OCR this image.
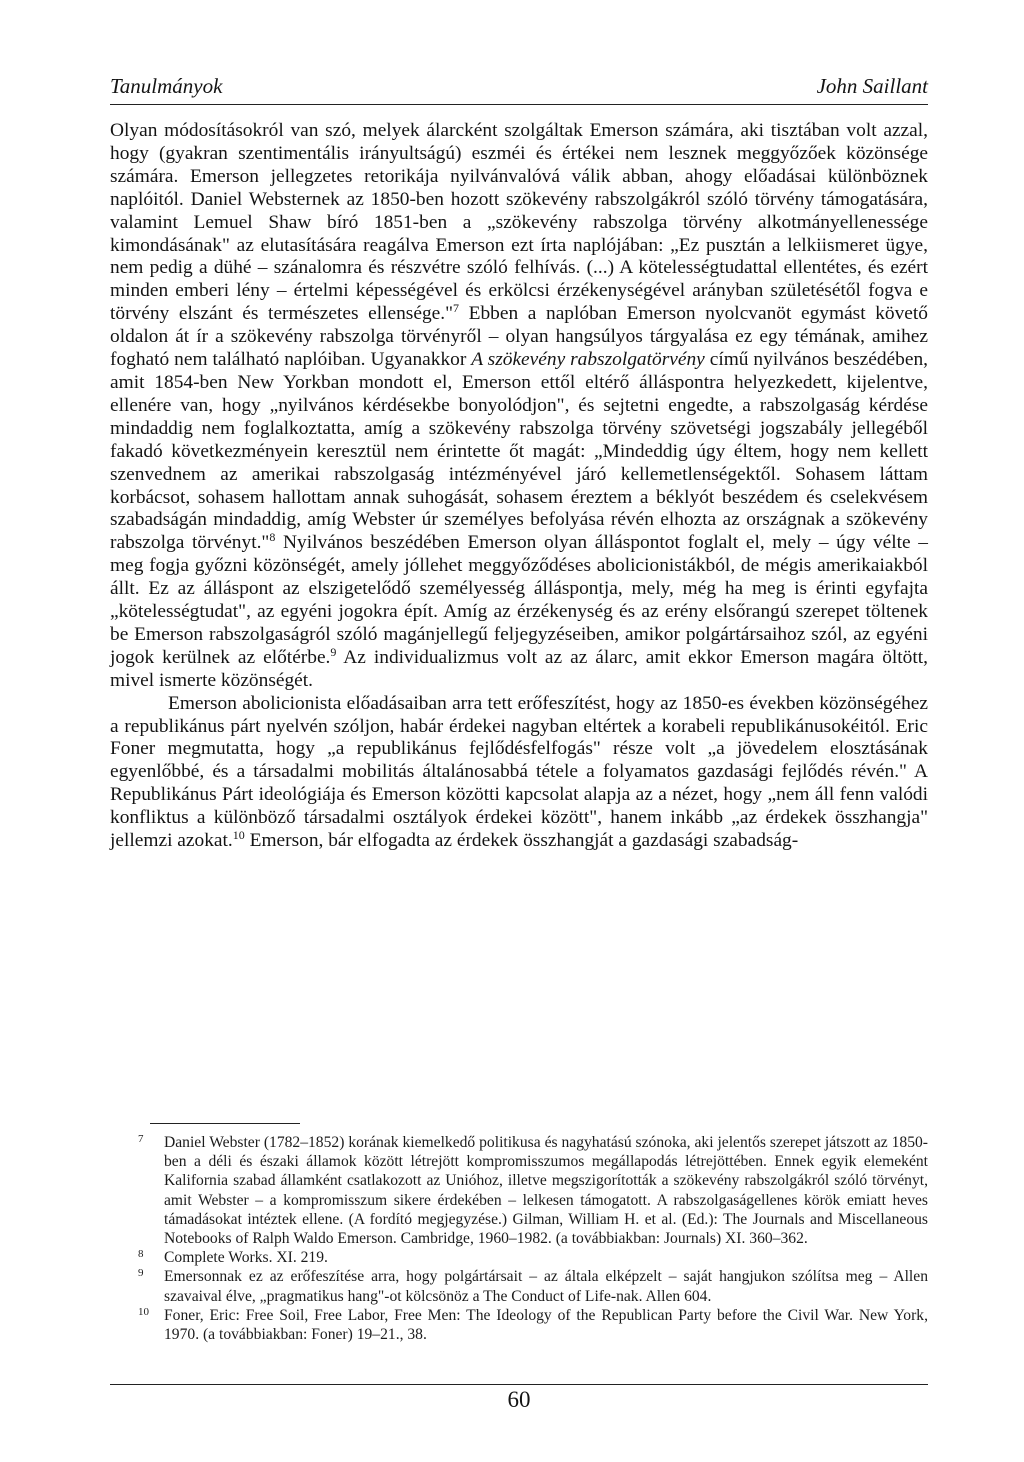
Tanulmányok	John Saillant

Olyan módosításokról van szó, melyek álarcként szolgáltak Emerson számára, aki tisztában volt azzal, hogy (gyakran szentimentális irányultságú) eszméi és értékei nem lesznek meggyőzőek közönsége számára. Emerson jellegzetes retorikája nyilvánvalóvá válik abban, ahogy előadásai különböznek naplóitól. Daniel Websternek az 1850-ben hozott szökevény rabszolgákról szóló törvény támogatására, valamint Lemuel Shaw bíró 1851-ben a „szökevény rabszolga törvény alkotmányellenessége kimondásának" az elutasítására reagálva Emerson ezt írta naplójában: „Ez pusztán a lelkiismeret ügye, nem pedig a dühé – szánalomra és részvétre szóló felhívás. (...) A kötelességtudattal ellentétes, és ezért minden emberi lény – értelmi képességével és erkölcsi érzékenységével arányban születésétől fogva e törvény elszánt és természetes ellensége."$^7$ Ebben a naplóban Emerson nyolcvanöt egymást követő oldalon át ír a szökevény rabszolga törvényről – olyan hangsúlyos tárgyalása ez egy témának, amihez fogható nem található naplóiban. Ugyanakkor A szökevény rabszolgatörvény című nyilvános beszédében, amit 1854-ben New Yorkban mondott el, Emerson ettől eltérő álláspontra helyezkedett, kijelentve, ellenére van, hogy „nyilvános kérdésekbe bonyolódjon", és sejtetni engedte, a rabszolgaság kérdése mindaddig nem foglalkoztatta, amíg a szökevény rabszolga törvény szövetségi jogszabály jellegéből fakadó következményein keresztül nem érintette őt magát: „Mindeddig úgy éltem, hogy nem kellett szenvednem az amerikai rabszolgaság intézményével járó kellemetlenségektől. Sohasem láttam korbácsot, sohasem hallottam annak suhogását, sohasem éreztem a béklyót beszédem és cselekvésem szabadságán mindaddig, amíg Webster úr személyes befolyása révén elhozta az országnak a szökevény rabszolga törvényt."$^8$ Nyilvános beszédében Emerson olyan álláspontot foglalt el, mely – úgy vélte – meg fogja győzni közönségét, amely jóllehet meggyőződéses abolicionistákból, de mégis amerikaiakból állt. Ez az álláspont az elszigetelődő személyesség álláspontja, mely, még ha meg is érinti egyfajta „kötelességtudat", az egyéni jogokra épít. Amíg az érzékenység és az erény elsőrangú szerepet töltenek be Emerson rabszolgaságról szóló magánjellegű feljegyzéseiben, amikor polgártársaihoz szól, az egyéni jogok kerülnek az előtérbe.$^9$ Az individualizmus volt az az álarc, amit ekkor Emerson magára öltött, mivel ismerte közönségét.

Emerson abolicionista előadásaiban arra tett erőfeszítést, hogy az 1850-es években közönségéhez a republikánus párt nyelvén szóljon, habár érdekei nagyban eltértek a korabeli republikánusokéitól. Eric Foner megmutatta, hogy „a republikánus fejlődésfelfogás" része volt „a jövedelem elosztásának egyenlőbbé, és a társadalmi mobilitás általánosabbá tétele a folyamatos gazdasági fejlődés révén." A Republikánus Párt ideológiája és Emerson közötti kapcsolat alapja az a nézet, hogy „nem áll fenn valódi konfliktus a különböző társadalmi osztályok érdekei között", hanem inkább „az érdekek összhangja" jellemzi azokat.$^{10}$ Emerson, bár elfogadta az érdekek összhangját a gazdasági szabadság-

7 Daniel Webster (1782–1852) korának kiemelkedő politikusa és nagyhatású szónoka, aki jelentős szerepet játszott az 1850-ben a déli és északi államok között létrejött kompromisszumos megállapodás létrejöttében. Ennek egyik elemeként Kalifornia szabad államként csatlakozott az Unióhoz, illetve megszigorították a szökevény rabszolgákról szóló törvényt, amit Webster – a kompromisszum sikere érdekében – lelkesen támogatott. A rabszolgaságellenes körök emiatt heves támadásokat intéztek ellene. (A fordító megjegyzése.) Gilman, William H. et al. (Ed.): The Journals and Miscellaneous Notebooks of Ralph Waldo Emerson. Cambridge, 1960–1982. (a továbbiakban: Journals) XI. 360–362.

8 Complete Works. XI. 219.

9 Emersonnak ez az erőfeszítése arra, hogy polgártársait – az általa elképzelt – saját hangjukon szólítsa meg – Allen szavaival élve, „pragmatikus hang"-ot kölcsönöz a The Conduct of Life-nak. Allen 604.

10 Foner, Eric: Free Soil, Free Labor, Free Men: The Ideology of the Republican Party before the Civil War. New York, 1970. (a továbbiakban: Foner) 19–21., 38.

60
